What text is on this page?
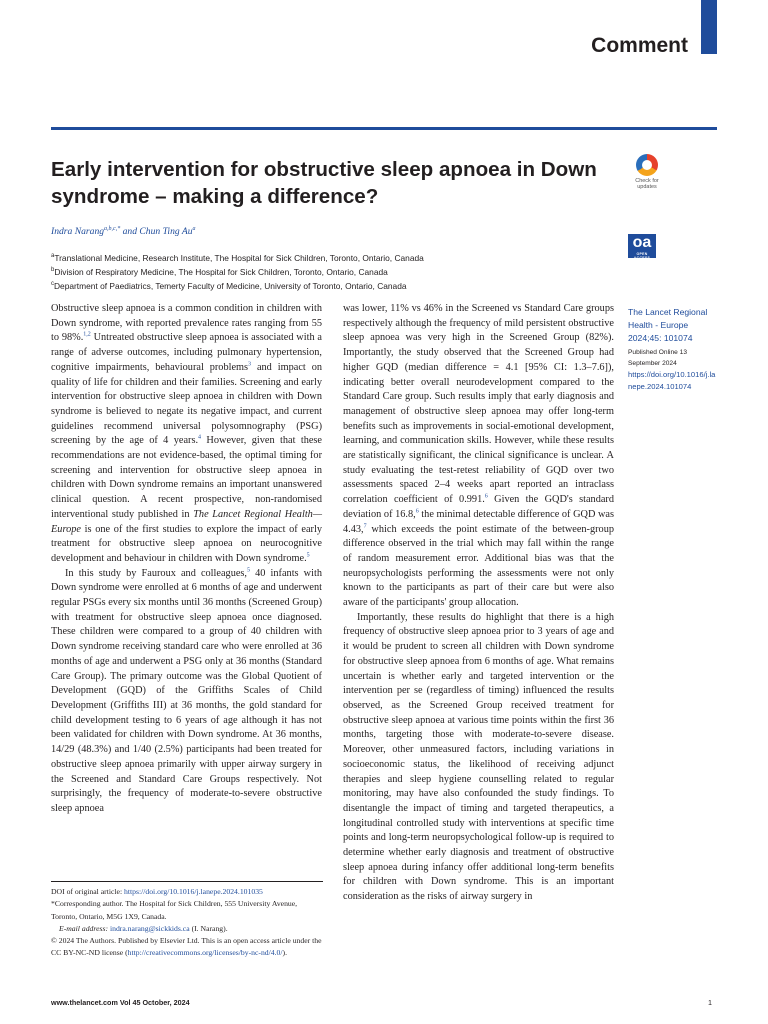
Comment
Early intervention for obstructive sleep apnoea in Down syndrome – making a difference?
Indra Narang$^{a,b,c,*}$ and Chun Ting Au$^a$
$^a$Translational Medicine, Research Institute, The Hospital for Sick Children, Toronto, Ontario, Canada
$^b$Division of Respiratory Medicine, The Hospital for Sick Children, Toronto, Ontario, Canada
$^c$Department of Paediatrics, Temerty Faculty of Medicine, University of Toronto, Ontario, Canada
Check for updates
oa
OPEN ACCESS
The Lancet Regional Health - Europe
2024;45: 101074
Published Online 13 September 2024
https://doi.org/10.1016/j.lanepe.2024.101074

Obstructive sleep apnoea is a common condition in children with Down syndrome, with reported prevalence rates ranging from 55 to 98%.$^{1,2}$ Untreated obstructive sleep apnoea is associated with a range of adverse outcomes, including pulmonary hypertension, cognitive impairments, behavioural problems$^3$ and impact on quality of life for children and their families. Screening and early intervention for obstructive sleep apnoea in children with Down syndrome is believed to negate its negative impact, and current guidelines recommend universal polysomnography (PSG) screening by the age of 4 years.$^4$ However, given that these recommendations are not evidence-based, the optimal timing for screening and intervention for obstructive sleep apnoea in children with Down syndrome remains an important unanswered clinical question. A recent prospective, non-randomised interventional study published in The Lancet Regional Health—Europe is one of the first studies to explore the impact of early treatment for obstructive sleep apnoea on neurocognitive development and behaviour in children with Down syndrome.$^5$

In this study by Fauroux and colleagues,$^5$ 40 infants with Down syndrome were enrolled at 6 months of age and underwent regular PSGs every six months until 36 months (Screened Group) with treatment for obstructive sleep apnoea once diagnosed. These children were compared to a group of 40 children with Down syndrome receiving standard care who were enrolled at 36 months of age and underwent a PSG only at 36 months (Standard Care Group). The primary outcome was the Global Quotient of Development (GQD) of the Griffiths Scales of Child Development (Griffiths III) at 36 months, the gold standard for child development testing to 6 years of age although it has not been validated for children with Down syndrome. At 36 months, 14/29 (48.3%) and 1/40 (2.5%) participants had been treated for obstructive sleep apnoea primarily with upper airway surgery in the Screened and Standard Care Groups respectively. Not surprisingly, the frequency of moderate-to-severe obstructive sleep apnoea

was lower, 11% vs 46% in the Screened vs Standard Care groups respectively although the frequency of mild persistent obstructive sleep apnoea was very high in the Screened Group (82%). Importantly, the study observed that the Screened Group had higher GQD (median difference = 4.1 [95% CI: 1.3–7.6]), indicating better overall neurodevelopment compared to the Standard Care group. Such results imply that early diagnosis and management of obstructive sleep apnoea may offer long-term benefits such as improvements in social-emotional development, learning, and communication skills. However, while these results are statistically significant, the clinical significance is unclear. A study evaluating the test-retest reliability of GQD over two assessments spaced 2–4 weeks apart reported an intraclass correlation coefficient of 0.991.$^6$ Given the GQD's standard deviation of 16.8,$^6$ the minimal detectable difference of GQD was 4.43,$^7$ which exceeds the point estimate of the between-group difference observed in the trial which may fall within the range of random measurement error. Additional bias was that the neuropsychologists performing the assessments were not only known to the participants as part of their care but were also aware of the participants' group allocation.

Importantly, these results do highlight that there is a high frequency of obstructive sleep apnoea prior to 3 years of age and it would be prudent to screen all children with Down syndrome for obstructive sleep apnoea from 6 months of age. What remains uncertain is whether early and targeted intervention or the intervention per se (regardless of timing) influenced the results observed, as the Screened Group received treatment for obstructive sleep apnoea at various time points within the first 36 months, targeting those with moderate-to-severe disease. Moreover, other unmeasured factors, including variations in socioeconomic status, the likelihood of receiving adjunct therapies and sleep hygiene counselling related to regular monitoring, may have also confounded the study findings. To disentangle the impact of timing and targeted therapeutics, a longitudinal controlled study with interventions at specific time points and long-term neuropsychological follow-up is required to determine whether early diagnosis and treatment of obstructive sleep apnoea during infancy offer additional long-term benefits for children with Down syndrome. This is an important consideration as the risks of airway surgery in

DOI of original article: https://doi.org/10.1016/j.lanepe.2024.101035
*Corresponding author. The Hospital for Sick Children, 555 University Avenue, Toronto, Ontario, M5G 1X9, Canada.
E-mail address: indra.narang@sickkids.ca (I. Narang).
© 2024 The Authors. Published by Elsevier Ltd. This is an open access article under the CC BY-NC-ND license (http://creativecommons.org/licenses/by-nc-nd/4.0/).
www.thelancet.com Vol 45 October, 2024	1
